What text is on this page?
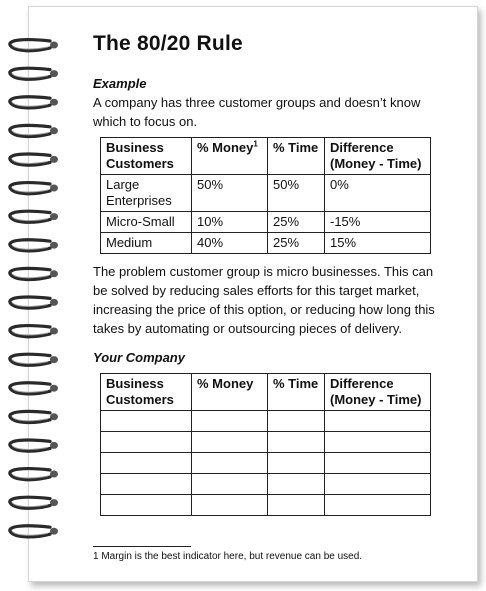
The 80/20 Rule
Example
A company has three customer groups and doesn’t know which to focus on.
Business Customers	% Money$^1$	% Time	Difference (Money - Time)
Large Enterprises	50%	50%	0%
Micro-Small	10%	25%	-15%
Medium	40%	25%	15%
The problem customer group is micro businesses. This can be solved by reducing sales efforts for this target market, increasing the price of this option, or reducing how long this takes by automating or outsourcing pieces of delivery.
Your Company
Business Customers	% Money	% Time	Difference (Money - Time)

1 Margin is the best indicator here, but revenue can be used.
